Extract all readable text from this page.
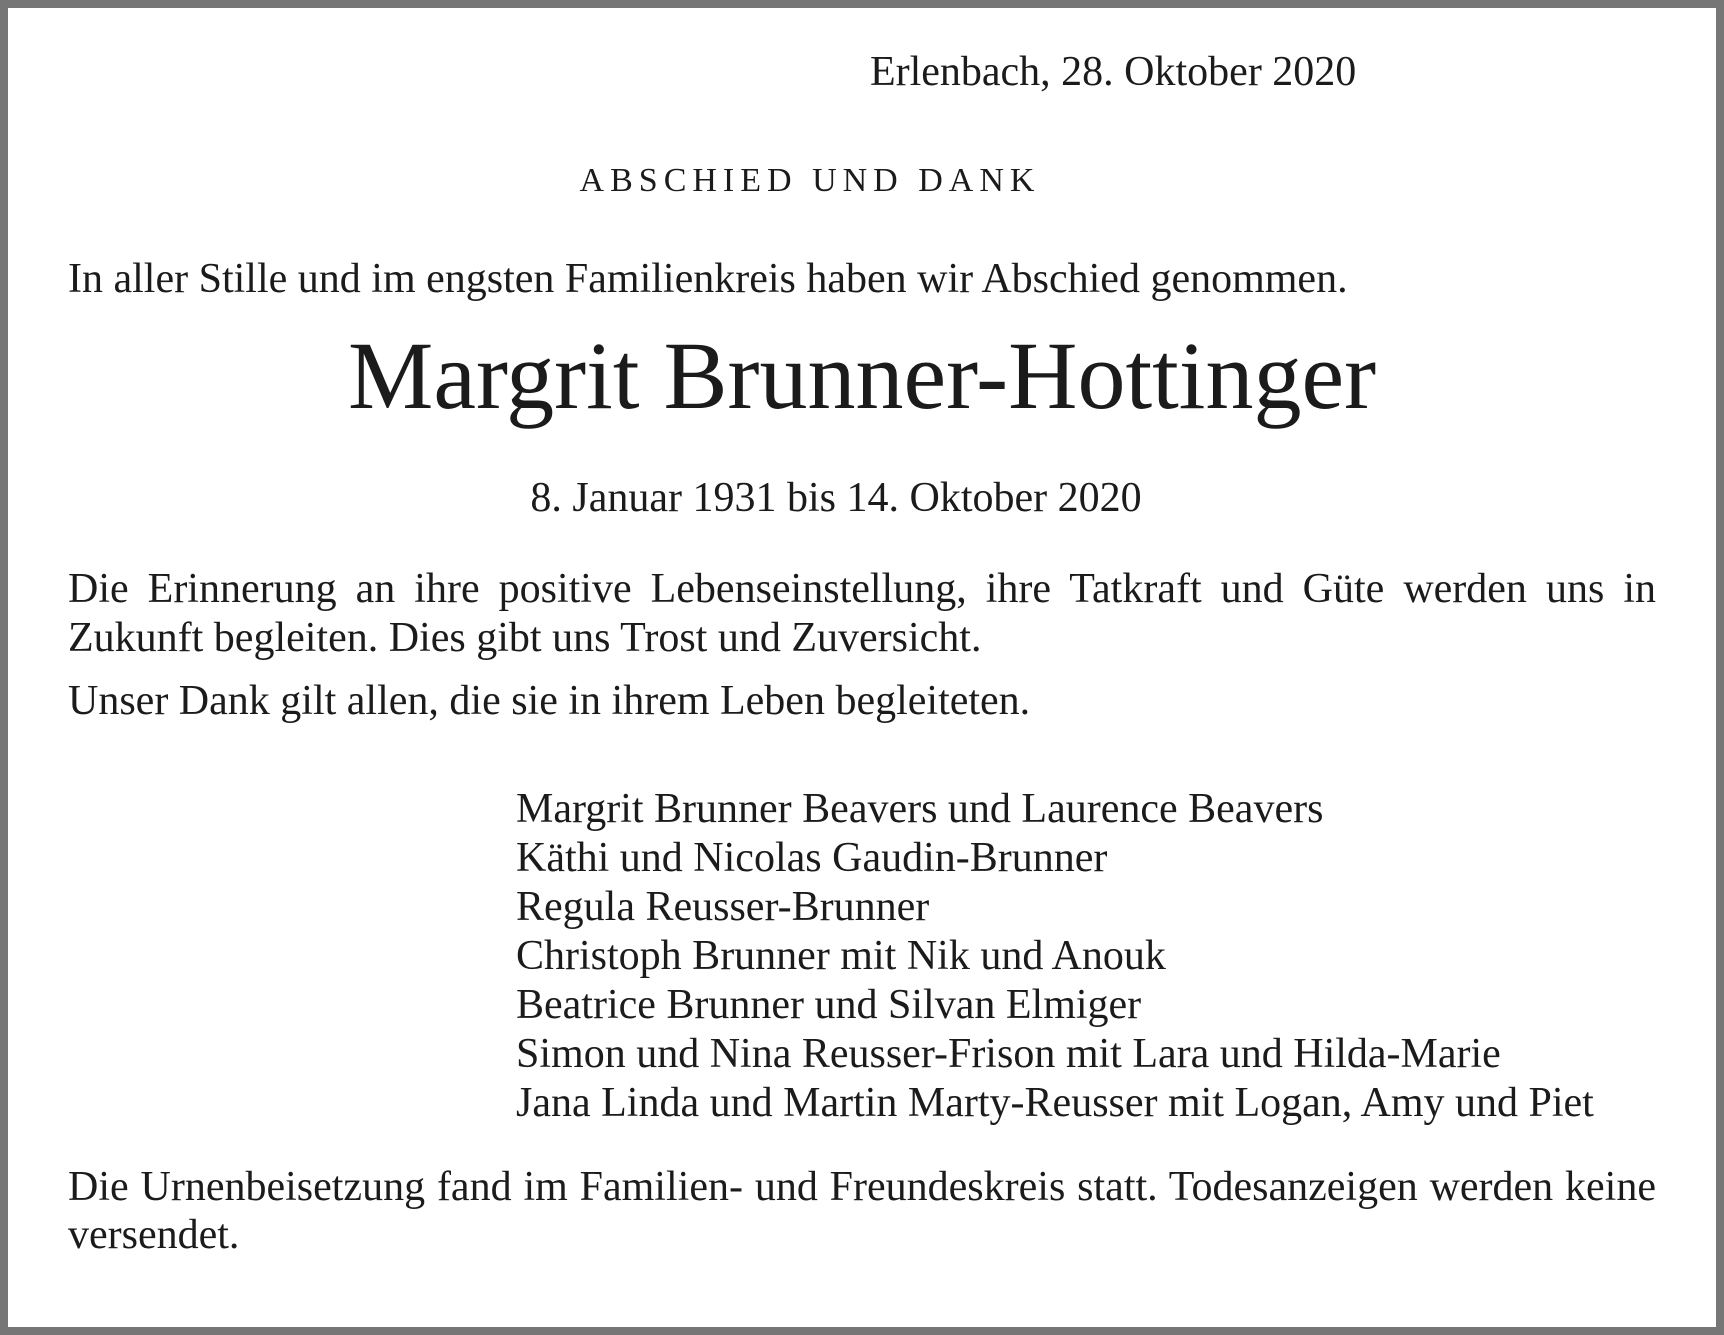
Erlenbach, 28. Oktober 2020
ABSCHIED UND DANK

In aller Stille und im engsten Familienkreis haben wir Abschied genommen.

Margrit Brunner-Hottinger
8. Januar 1931 bis 14. Oktober 2020

Die Erinnerung an ihre positive Lebenseinstellung, ihre Tatkraft und Güte werden uns in Zukunft begleiten. Dies gibt uns Trost und Zuversicht.

Unser Dank gilt allen, die sie in ihrem Leben begleiteten.

Margrit Brunner Beavers und Laurence Beavers
Käthi und Nicolas Gaudin-Brunner
Regula Reusser-Brunner
Christoph Brunner mit Nik und Anouk
Beatrice Brunner und Silvan Elmiger
Simon und Nina Reusser-Frison mit Lara und Hilda-Marie
Jana Linda und Martin Marty-Reusser mit Logan, Amy und Piet

Die Urnenbeisetzung fand im Familien- und Freundeskreis statt. Todesanzeigen werden keine versendet.
